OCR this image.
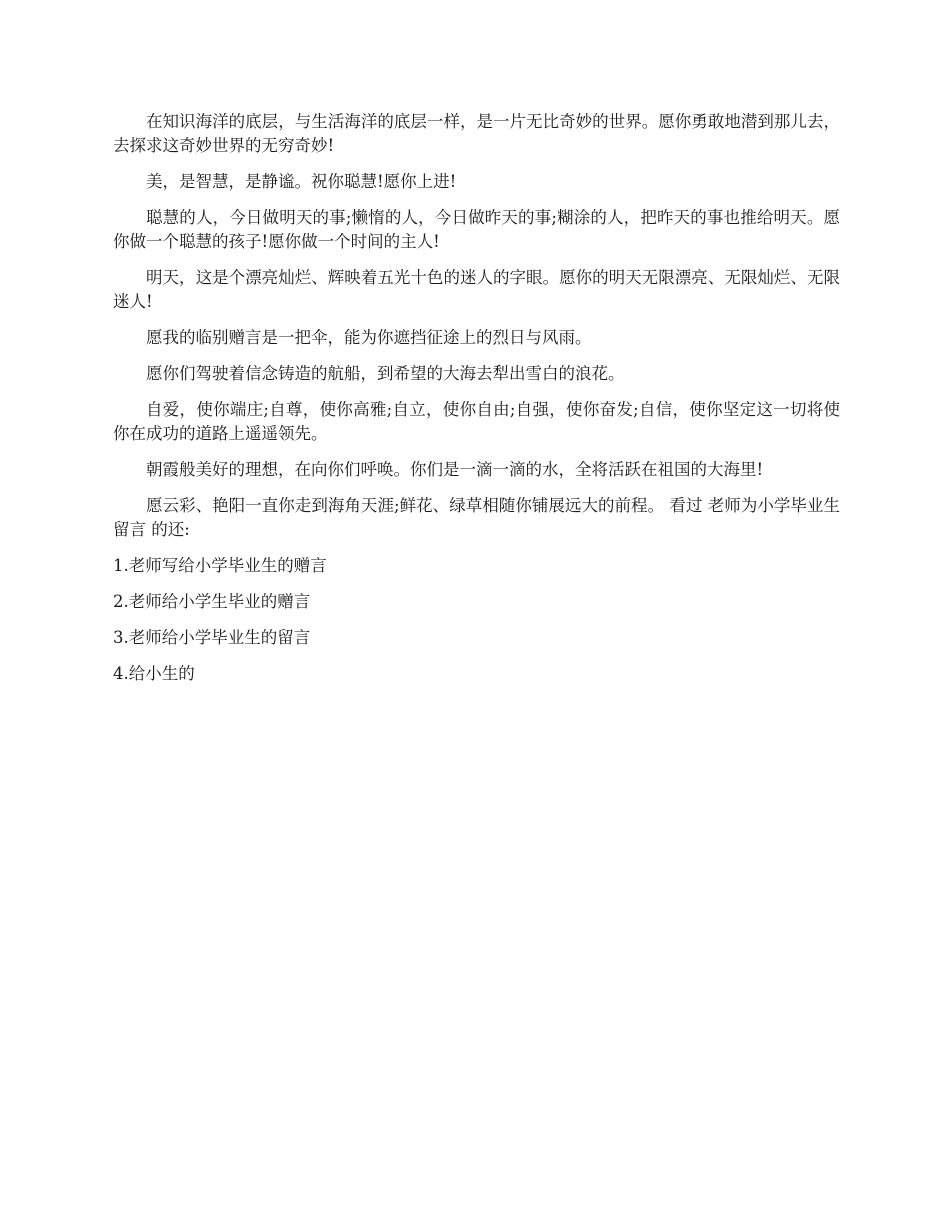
在知识海洋的底层，与生活海洋的底层一样，是一片无比奇妙的世界。愿你勇敢地潜到那儿去，去探求这奇妙世界的无穷奇妙!

美，是智慧，是静谧。祝你聪慧!愿你上进!

聪慧的人，今日做明天的事;懒惰的人，今日做昨天的事;糊涂的人，把昨天的事也推给明天。愿你做一个聪慧的孩子!愿你做一个时间的主人!

明天，这是个漂亮灿烂、辉映着五光十色的迷人的字眼。愿你的明天无限漂亮、无限灿烂、无限迷人!

愿我的临别赠言是一把伞，能为你遮挡征途上的烈日与风雨。

愿你们驾驶着信念铸造的航船，到希望的大海去犁出雪白的浪花。

自爱，使你端庄;自尊，使你高雅;自立，使你自由;自强，使你奋发;自信，使你坚定这一切将使你在成功的道路上遥遥领先。

朝霞般美好的理想，在向你们呼唤。你们是一滴一滴的水，全将活跃在祖国的大海里!

愿云彩、艳阳一直你走到海角天涯;鲜花、绿草相随你铺展远大的前程。 看过 老师为小学毕业生留言 的还:

1.老师写给小学毕业生的赠言

2.老师给小学生毕业的赠言

3.老师给小学毕业生的留言

4.给小生的
